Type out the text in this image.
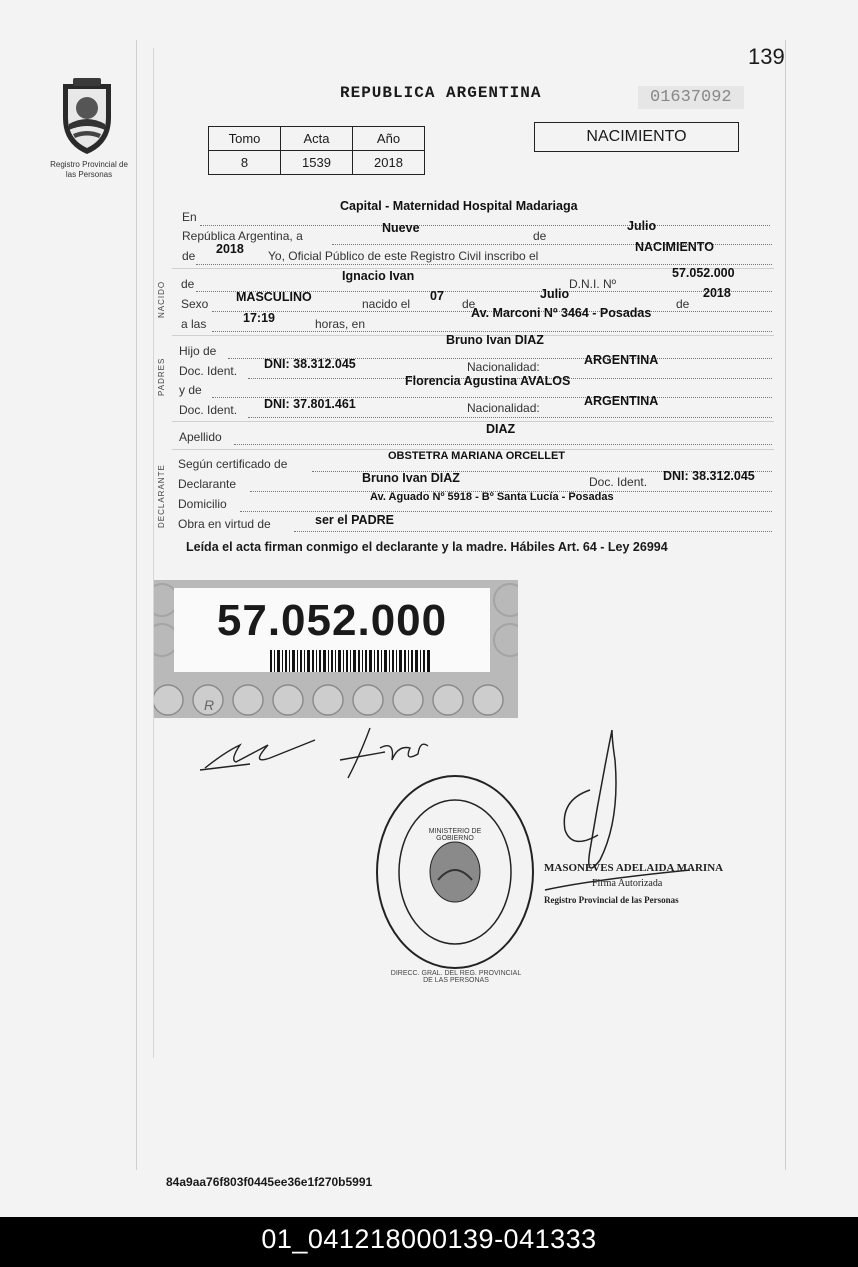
139
Registro Provincial de las Personas
REPUBLICA ARGENTINA	01637092
Tomo	Acta	Año
8	1539	2018
NACIMIENTO
En
Capital - Maternidad Hospital Madariaga
República Argentina, a
Nueve
de
Julio
de 2018 Yo, Oficial Público de este Registro Civil inscribo el
NACIMIENTO
NACIDO de
Ignacio Ivan
D.N.I. Nº
57.052.000
Sexo MASCULINO	nacido el
07
de
Julio
de
2018
a las	17:19	horas, en
Av. Marconi Nº 3464 - Posadas
PADRES
Hijo de
Bruno Ivan DIAZ
Doc. Ident. DNI: 38.312.045	Nacionalidad:	ARGENTINA
y de
Florencia Agustina AVALOS
Doc. Ident. DNI: 37.801.461	Nacionalidad:	ARGENTINA
Apellido
DIAZ
DECLARANTE
Según certificado de
OBSTETRA MARIANA ORCELLET
Declarante	Bruno Ivan DIAZ	Doc. Ident. DNI: 38.312.045
Domicilio	Av. Aguado Nº 5918 - Bº Santa Lucía - Posadas
Obra en virtud de	ser el PADRE
Leída el acta firman conmigo el declarante y la madre. Hábiles Art. 64 - Ley 26994
57.052.000
R
DIRECC. GRAL. DEL REG. PROVINCIAL DE LAS PERSONAS
MINISTERIO DE GOBIERNO
MASONEVES ADELAIDA MARINA
Firma Autorizada
Registro Provincial de las Personas
84a9aa76f803f0445ee36e1f270b5991
01_041218000139-041333
